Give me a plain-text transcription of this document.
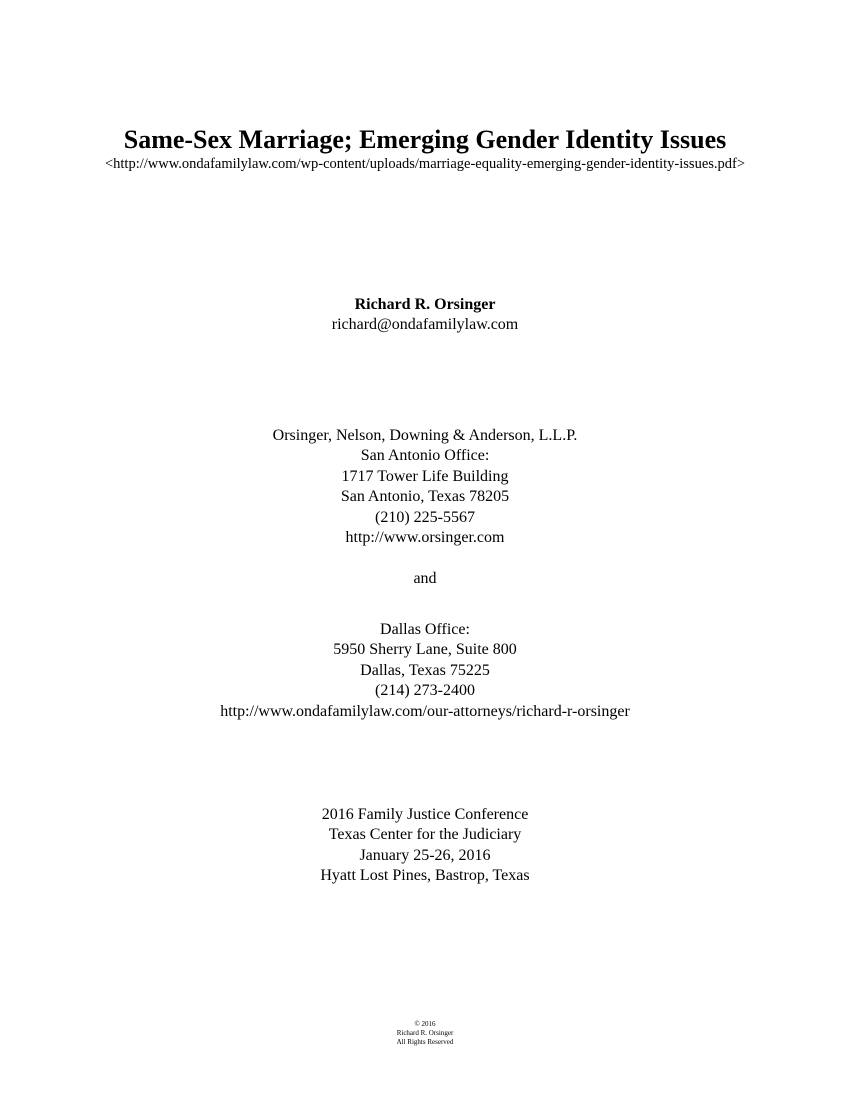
Same-Sex Marriage; Emerging Gender Identity Issues
<http://www.ondafamilylaw.com/wp-content/uploads/marriage-equality-emerging-gender-identity-issues.pdf>
Richard R. Orsinger
richard@ondafamilylaw.com
Orsinger, Nelson, Downing & Anderson, L.L.P.
San Antonio Office:
1717 Tower Life Building
San Antonio, Texas 78205
(210) 225-5567
http://www.orsinger.com
and
Dallas Office:
5950 Sherry Lane, Suite 800
Dallas, Texas 75225
(214) 273-2400
http://www.ondafamilylaw.com/our-attorneys/richard-r-orsinger
2016 Family Justice Conference
Texas Center for the Judiciary
January 25-26, 2016
Hyatt Lost Pines, Bastrop, Texas
© 2016
Richard R. Orsinger
All Rights Reserved
